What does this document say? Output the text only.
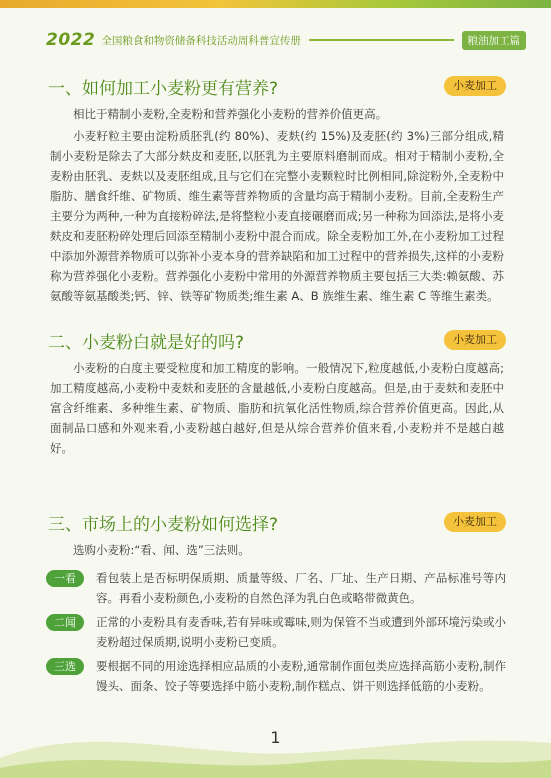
2022 全国粮食和物资储备科技活动周科普宣传册	粮油加工篇
一、如何加工小麦粉更有营养?	小麦加工
相比于精制小麦粉,全麦粉和营养强化小麦粉的营养价值更高。
小麦籽粒主要由淀粉质胚乳(约 80%)、麦麸(约 15%)及麦胚(约 3%)三部分组成,精制小麦粉是除去了大部分麸皮和麦胚,以胚乳为主要原料磨制而成。相对于精制小麦粉,全麦粉由胚乳、麦麸以及麦胚组成,且与它们在完整小麦颗粒时比例相同,除淀粉外,全麦粉中脂肪、膳食纤维、矿物质、维生素等营养物质的含量均高于精制小麦粉。目前,全麦粉生产主要分为两种,一种为直接粉碎法,是将整粒小麦直接碾磨而成;另一种称为回添法,是将小麦麸皮和麦胚粉碎处理后回添至精制小麦粉中混合而成。除全麦粉加工外,在小麦粉加工过程中添加外源营养物质可以弥补小麦本身的营养缺陷和加工过程中的营养损失,这样的小麦粉称为营养强化小麦粉。营养强化小麦粉中常用的外源营养物质主要包括三大类:赖氨酸、苏氨酸等氨基酸类;钙、锌、铁等矿物质类;维生素 A、B 族维生素、维生素 C 等维生素类。
二、小麦粉白就是好的吗?	小麦加工
小麦粉的白度主要受粒度和加工精度的影响。一般情况下,粒度越低,小麦粉白度越高;加工精度越高,小麦粉中麦麸和麦胚的含量越低,小麦粉白度越高。但是,由于麦麸和麦胚中富含纤维素、多种维生素、矿物质、脂肪和抗氧化活性物质,综合营养价值更高。因此,从面制品口感和外观来看,小麦粉越白越好,但是从综合营养价值来看,小麦粉并不是越白越好。
三、市场上的小麦粉如何选择?	小麦加工
选购小麦粉:“看、闻、选”三法则。
一看	看包装上是否标明保质期、质量等级、厂名、厂址、生产日期、产品标准号等内容。再看小麦粉颜色,小麦粉的自然色泽为乳白色或略带微黄色。
二闻	正常的小麦粉具有麦香味,若有异味或霉味,则为保管不当或遭到外部环境污染或小麦粉超过保质期,说明小麦粉已变质。
三选	要根据不同的用途选择相应品质的小麦粉,通常制作面包类应选择高筋小麦粉,制作馒头、面条、饺子等要选择中筋小麦粉,制作糕点、饼干则选择低筋的小麦粉。
1
